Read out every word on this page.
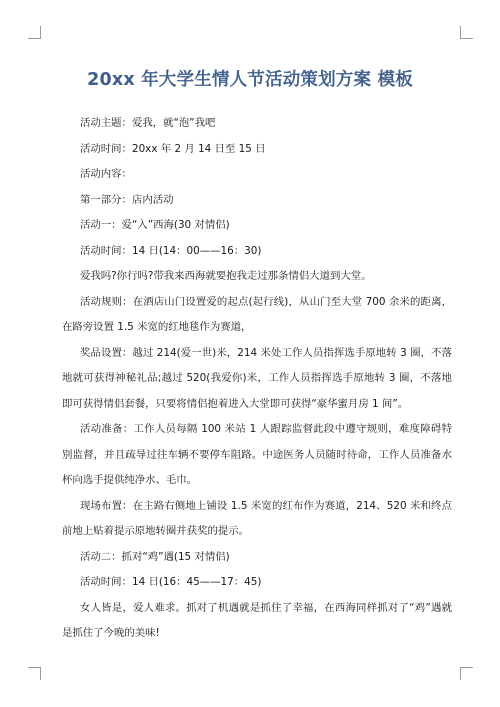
20xx 年大学生情人节活动策划方案 模板

活动主题：爱我，就“泡”我吧

活动时间：20xx 年 2 月 14 日至 15 日

活动内容：

第一部分：店内活动

活动一：爱“入”西海(30 对情侣)

活动时间：14 日(14：00——16：30)

爱我吗?你行吗?带我来西海就要抱我走过那条情侣大道到大堂。

活动规则：在酒店山门设置爱的起点(起行线)，从山门至大堂 700 余米的距离，在路旁设置 1.5 米宽的红地毯作为赛道，

奖品设置：越过 214(爱一世)米，214 米处工作人员指挥选手原地转 3 圈，不落地就可获得神秘礼品;越过 520(我爱你)米，工作人员指挥选手原地转 3 圈，不落地即可获得情侣套餐，只要将情侣抱着进入大堂即可获得“豪华蜜月房 1 间”。

活动准备：工作人员每隔 100 米站 1 人跟踪监督此段中遵守规则，难度障碍特别监督，并且疏导过往车辆不要停车阻路。中途医务人员随时待命，工作人员准备水杯向选手提供纯净水、毛巾。

现场布置：在主路右侧地上铺设 1.5 米宽的红布作为赛道，214、520 米和终点前地上贴着提示原地转圈并获奖的提示。

活动二：抓对“鸡”遇(15 对情侣)

活动时间：14 日(16：45——17：45)

女人皆是，爱人难求。抓对了机遇就是抓住了幸福，在西海同样抓对了“鸡”遇就是抓住了今晚的美味!
